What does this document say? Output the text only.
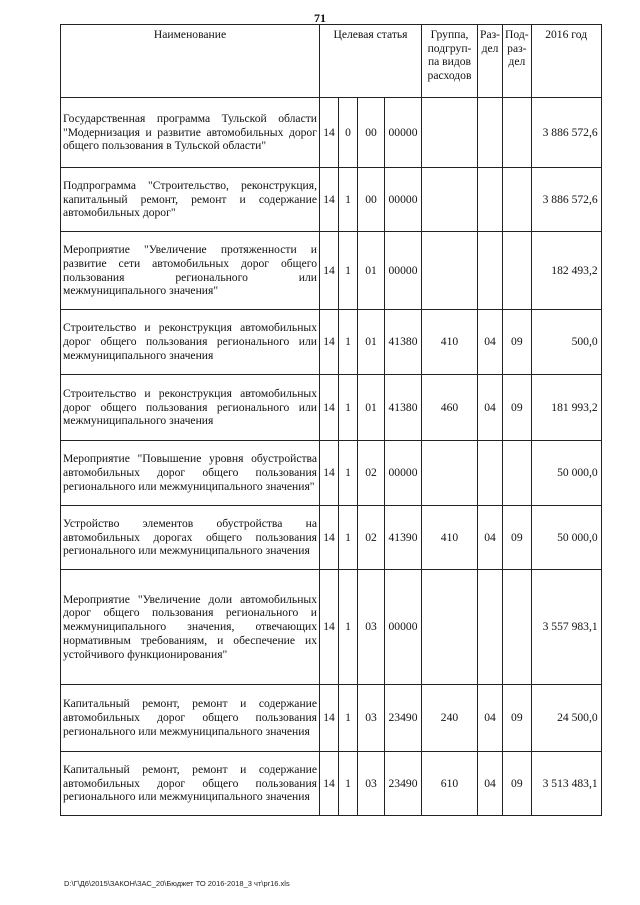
71
Наименование	Целевая статья				Группа, подгруп-па видов расходов	Раз-дел	Под-раз-дел	2016 год
Государственная программа Тульской области "Модернизация и развитие автомобильных дорог общего пользования в Тульской области"	14	0	00	00000				3 886 572,6
Подпрограмма "Строительство, реконструкция, капитальный ремонт, ремонт и содержание автомобильных дорог"	14	1	00	00000				3 886 572,6
Мероприятие "Увеличение протяженности и развитие сети автомобильных дорог общего пользования регионального или межмуниципального значения"	14	1	01	00000				182 493,2
Строительство и реконструкция автомобильных дорог общего пользования регионального или межмуниципального значения	14	1	01	41380	410	04	09	500,0
Строительство и реконструкция автомобильных дорог общего пользования регионального или межмуниципального значения	14	1	01	41380	460	04	09	181 993,2
Мероприятие "Повышение уровня обустройства автомобильных дорог общего пользования регионального или межмуниципального значения"	14	1	02	00000				50 000,0
Устройство элементов обустройства на автомобильных дорогах общего пользования регионального или межмуниципального значения	14	1	02	41390	410	04	09	50 000,0
Мероприятие "Увеличение доли автомобильных дорог общего пользования регионального и межмуниципального значения, отвечающих нормативным требованиям, и обеспечение их устойчивого функционирования"	14	1	03	00000				3 557 983,1
Капитальный ремонт, ремонт и содержание автомобильных дорог общего пользования регионального или межмуниципального значения	14	1	03	23490	240	04	09	24 500,0
Капитальный ремонт, ремонт и содержание автомобильных дорог общего пользования регионального или межмуниципального значения	14	1	03	23490	610	04	09	3 513 483,1
D:\Г\Д6\2015\ЗАКОН\ЗАС_20\Бюджет ТО 2016-2018_3 чт\pr16.xls
